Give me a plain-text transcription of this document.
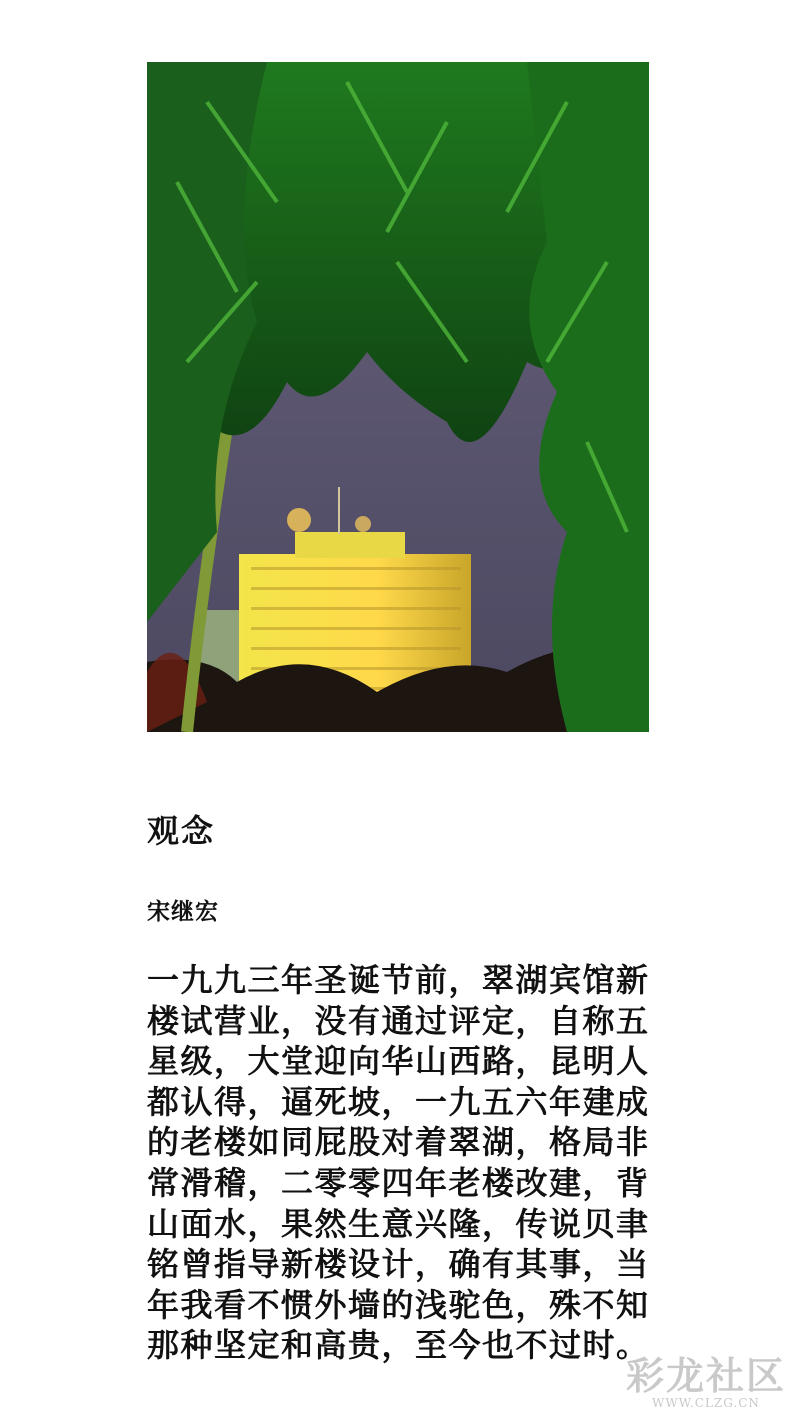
观念
宋继宏
一九九三年圣诞节前，翠湖宾馆新
楼试营业，没有通过评定，自称五
星级，大堂迎向华山西路，昆明人
都认得，逼死坡，一九五六年建成
的老楼如同屁股对着翠湖，格局非
常滑稽，二零零四年老楼改建，背
山面水，果然生意兴隆，传说贝聿
铭曾指导新楼设计，确有其事，当
年我看不惯外墙的浅驼色，殊不知
那种坚定和高贵，至今也不过时。
彩龙社区
WWW.CLZG.CN
